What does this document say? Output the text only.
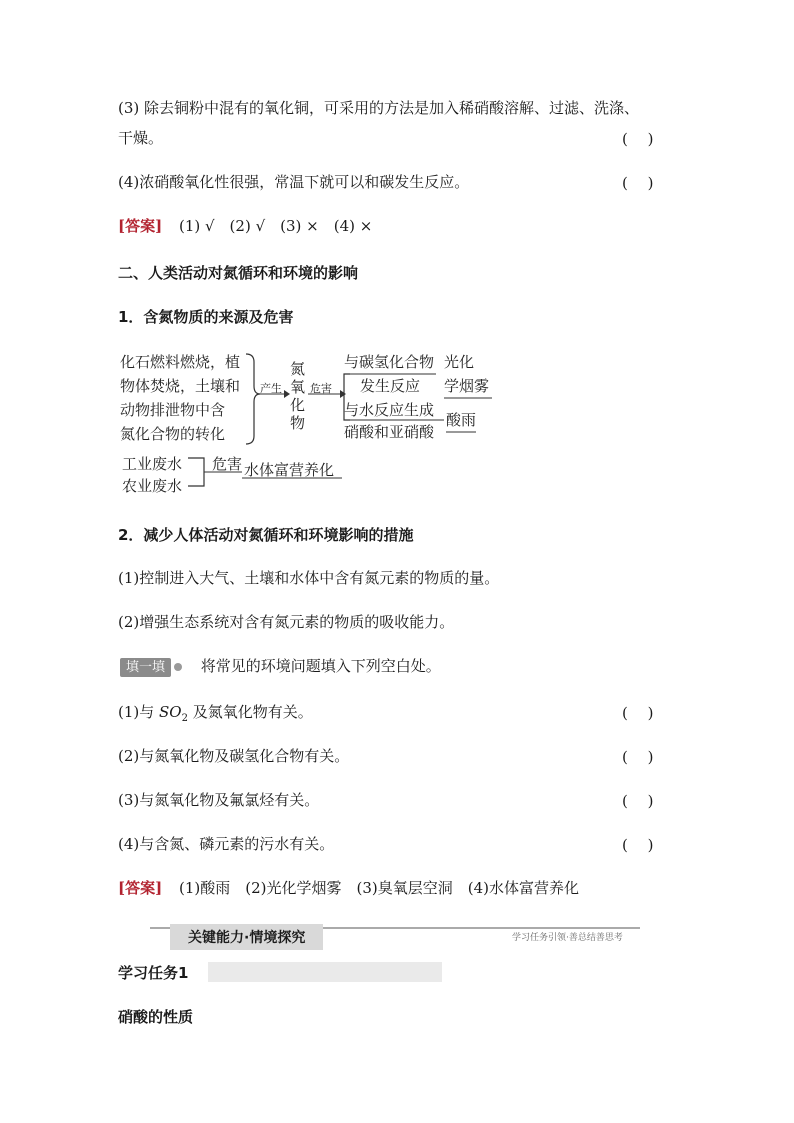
(3) 除去铜粉中混有的氧化铜，可采用的方法是加入稀硝酸溶解、过滤、洗涤、
干燥。	(　 )
(4)浓硝酸氧化性很强，常温下就可以和碳发生反应。	(　 )
[答案] (1) √　(2) √　(3) ×　(4) ×
二、人类活动对氮循环和环境的影响
1．含氮物质的来源及危害
化石燃料燃烧，植
物体焚烧，土壤和
动物排泄物中含
氮化合物的转化
产生
氮
氧
化
物
危害
与碳氢化合物
发生反应
光化
学烟雾
与水反应生成
硝酸和亚硝酸
酸雨
工业废水
农业废水
危害 水体富营养化
2．减少人体活动对氮循环和环境影响的措施
(1)控制进入大气、土壤和水体中含有氮元素的物质的量。
(2)增强生态系统对含有氮元素的物质的吸收能力。
填一填 将常见的环境问题填入下列空白处。
(1)与 $SO_2$ 及氮氧化物有关。	(　 )
(2)与氮氧化物及碳氢化合物有关。	(　 )
(3)与氮氧化物及氟氯烃有关。	(　 )
(4)与含氮、磷元素的污水有关。	(　 )
[答案] (1)酸雨　(2)光化学烟雾　(3)臭氧层空洞　(4)水体富营养化
关键能力·情境探究	学习任务引领·善总结善思考
学习任务1
硝酸的性质
